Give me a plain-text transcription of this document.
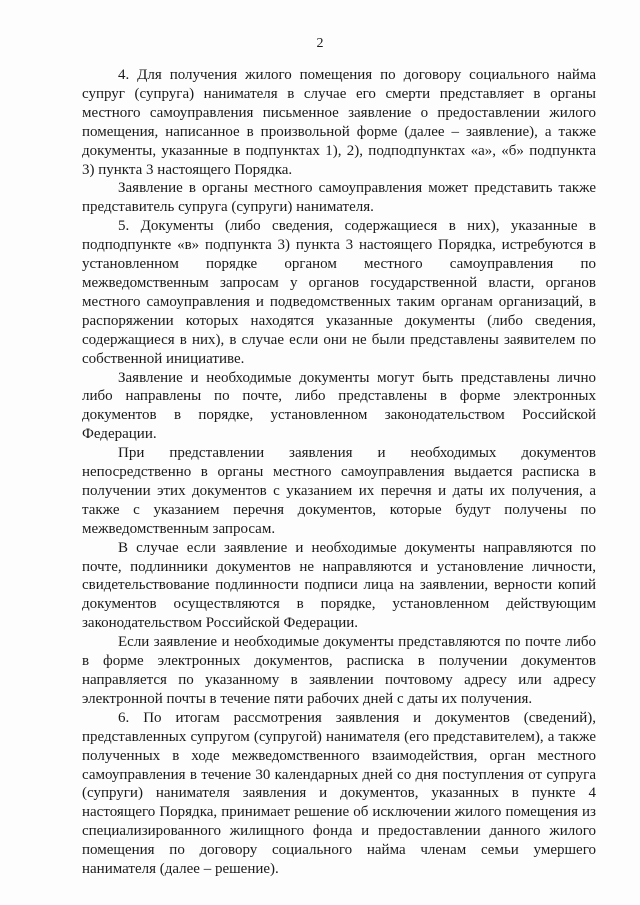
2

4. Для получения жилого помещения по договору социального найма супруг (супруга) нанимателя в случае его смерти представляет в органы местного самоуправления письменное заявление о предоставлении жилого помещения, написанное в произвольной форме (далее – заявление), а также документы, указанные в подпунктах 1), 2), подподпунктах «а», «б» подпункта 3) пункта 3 настоящего Порядка.

Заявление в органы местного самоуправления может представить также представитель супруга (супруги) нанимателя.

5. Документы (либо сведения, содержащиеся в них), указанные в подподпункте «в» подпункта 3) пункта 3 настоящего Порядка, истребуются в установленном порядке органом местного самоуправления по межведомственным запросам у органов государственной власти, органов местного самоуправления и подведомственных таким органам организаций, в распоряжении которых находятся указанные документы (либо сведения, содержащиеся в них), в случае если они не были представлены заявителем по собственной инициативе.

Заявление и необходимые документы могут быть представлены лично либо направлены по почте, либо представлены в форме электронных документов в порядке, установленном законодательством Российской Федерации.

При представлении заявления и необходимых документов непосредственно в органы местного самоуправления выдается расписка в получении этих документов с указанием их перечня и даты их получения, а также с указанием перечня документов, которые будут получены по межведомственным запросам.

В случае если заявление и необходимые документы направляются по почте, подлинники документов не направляются и установление личности, свидетельствование подлинности подписи лица на заявлении, верности копий документов осуществляются в порядке, установленном действующим законодательством Российской Федерации.

Если заявление и необходимые документы представляются по почте либо в форме электронных документов, расписка в получении документов направляется по указанному в заявлении почтовому адресу или адресу электронной почты в течение пяти рабочих дней с даты их получения.

6. По итогам рассмотрения заявления и документов (сведений), представленных супругом (супругой) нанимателя (его представителем), а также полученных в ходе межведомственного взаимодействия, орган местного самоуправления в течение 30 календарных дней со дня поступления от супруга (супруги) нанимателя заявления и документов, указанных в пункте 4 настоящего Порядка, принимает решение об исключении жилого помещения из специализированного жилищного фонда и предоставлении данного жилого помещения по договору социального найма членам семьи умершего нанимателя (далее – решение).
